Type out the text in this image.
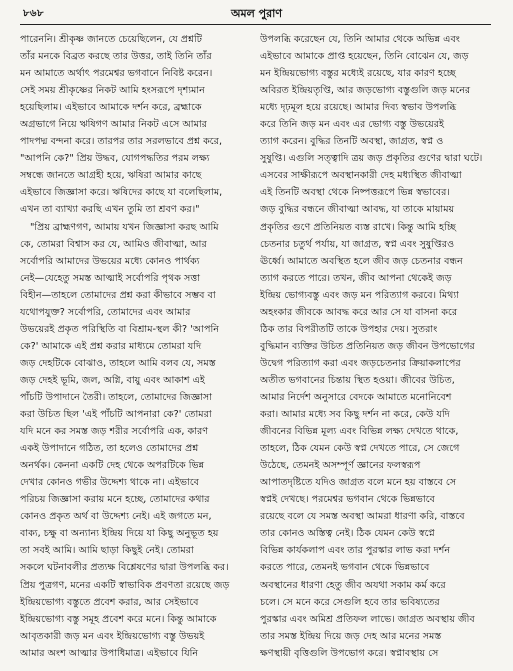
৮৬৮	অমল পুরাণ
পারেননি। শ্রীকৃষ্ণ জানতে চেয়েছিলেন, যে প্রশ্নটি
তাঁর মনকে বিব্রত করছে তার উত্তর, তাই তিনি তাঁর
মন আমাতে অর্থাৎ পরমেশ্বর ভগবানে নিবিষ্ট করেন।
সেই সময় শ্রীকৃষ্ণের নিকট আমি হংসরূপে দৃশ্যমান
হয়েছিলাম। এইভাবে আমাকে দর্শন করে, ব্রহ্মাকে
অগ্রভাগে নিয়ে ঋষিগণ আমার নিকট এসে আমার
পাদপদ্ম বন্দনা করে। তারপর তার সরলভাবে প্রশ্ন করে,
"আপনি কে?" প্রিয় উদ্ধব, যোগপদ্ধতির পরম লক্ষ্য
সম্বন্ধে জানতে আগ্রহী হয়ে, ঋষিরা আমার কাছে
এইভাবে জিজ্ঞাসা করে। ঋষিদের কাছে যা বলেছিলাম,
এখন তা ব্যাখ্যা করছি এখন তুমি তা শ্রবণ কর।"
"প্রিয় ব্রাহ্মণগণ, আমায় যখন জিজ্ঞাসা করছ আমি
কে, তোমরা বিশ্বাস কর যে, আমিও জীবাত্মা, আর
সর্বোপরি আমাদের উভয়ের মধ্যে কোনও পার্থক্য
নেই—যেহেতু সমস্ত আত্মাই সর্বোপরি পৃথক সত্তা
বিহীন—তাহলে তোমাদের প্রশ্ন করা কীভাবে সম্ভব বা
যথোপযুক্ত? সর্বোপরি, তোমাদের এবং আমার
উভয়েরই প্রকৃত পরিস্থিতি বা বিশ্রাম-স্থল কী? 'আপনি
কে?' আমাকে এই প্রশ্ন করার মাধ্যমে তোমরা যদি
জড় দেহটিকে বোঝাও, তাহলে আমি বলব যে, সমস্ত
জড় দেহই ভূমি, জল, অগ্নি, বায়ু এবং আকাশ এই
পাঁচটি উপাদানে তৈরী। তাহলে, তোমাদের জিজ্ঞাসা
করা উচিত ছিল 'এই পাঁচটি আপনারা কে?' তোমরা
যদি মনে কর সমস্ত জড় শরীর সর্বোপরি এক, কারণ
একই উপাদানে গঠিত, তা হলেও তোমাদের প্রশ্ন
অনর্থক। কেননা একটি দেহ থেকে অপরটিকে ভিন্ন
দেখার কোনও গভীর উদ্দেশ্য থাকে না। এইভাবে
পরিচয় জিজ্ঞাসা করায় মনে হচ্ছে, তোমাদের কথার
কোনও প্রকৃত অর্থ বা উদ্দেশ্য নেই। এই জগতে মন,
বাক্য, চক্ষু বা অন্যান্য ইন্দ্রিয় দিয়ে যা কিছু অনুভূত হয়
তা সবই আমি। আমি ছাড়া কিছুই নেই। তোমরা
সকলে ঘটনাবলীর প্রত্যক্ষ বিশ্লেষণের দ্বারা উপলব্ধি কর।
প্রিয় পুত্রগণ, মনের একটি স্বাভাবিক প্রবণতা রয়েছে জড়
ইন্দ্রিয়ভোগ্য বস্তুতে প্রবেশ করার, আর সেইভাবে
ইন্দ্রিয়ভোগ্য বস্তু সমূহ প্রবেশ করে মনে। কিন্তু আমাকে
আবৃতকারী জড় মন এবং ইন্দ্রিয়ভোগ্য বস্তু উভয়ই
আমার অংশ আত্মার উপাধিমাত্র। এইভাবে যিনি
উপলব্ধি করেছেন যে, তিনি আমার থেকে অভিন্ন এবং
এইভাবে আমাকে প্রাপ্ত হয়েছেন, তিনি বোঝেন যে, জড়
মন ইন্দ্রিয়ভোগ্য বস্তুর মধ্যেই রয়েছে, যার কারণ হচ্ছে
অবিরত ইন্দ্রিয়তৃপ্তি, আর জড়ভোগ্য বস্তুগুলি জড় মনের
মধ্যে দৃঢ়মূল হয়ে রয়েছে। আমার দিব্য স্বভাব উপলব্ধি
করে তিনি জড় মন এবং এর ভোগ্য বস্তু উভয়েরই
ত্যাগ করেন। বুদ্ধির তিনটি অবস্থা, জাগ্রত, স্বপ্ন ও
সুষুপ্তি। এগুলি সত্ত্বাদি ত্রয় জড় প্রকৃতির গুণের দ্বারা ঘটে।
এসবের সাক্ষীরূপে অবস্থানকারী দেহ মধ্যস্থিত জীবাত্মা
এই তিনটি অবস্থা থেকে নিষ্পত্তরূপে ভিন্ন স্বভাবের।
জড় বুদ্ধির বন্ধনে জীবাত্মা আবদ্ধ, যা তাকে মায়াময়
প্রকৃতির গুণে প্রতিনিয়ত ব্যস্ত রাখে। কিন্তু আমি হচ্ছি
চেতনার চতুর্থ পর্যায়, যা জাগ্রত, স্বপ্ন এবং সুষুপ্তিরও
ঊর্ধ্বে। আমাতে অবস্থিত হলে জীব জড় চেতনার বন্ধন
ত্যাগ করতে পারে। তখন, জীব আপনা থেকেই জড়
ইন্দ্রিয় ভোগ্যবস্তু এবং জড় মন পরিত্যাগ করবে। মিথ্যা
অহংকার জীবকে আবদ্ধ করে আর সে যা বাসনা করে
ঠিক তার বিপরীতটি তাকে উপহার দেয়। সুতরাং
বুদ্ধিমান ব্যক্তির উচিত প্রতিনিয়ত জড় জীবন উপভোগের
উদ্বেগ পরিত্যাগ করা এবং জড়চেতনার ক্রিয়াকলাপের
অতীত ভগবানের চিন্তায় স্থিত হওয়া। জীবের উচিত,
আমার নির্দেশ অনুসারে বেদকে আমাতে মনোনিবেশ
করা। আমার মধ্যে সব কিছু দর্শন না করে, কেউ যদি
জীবনের বিভিন্ন মূল্য এবং বিভিন্ন লক্ষ্য দেখতে থাকে,
তাহলে, ঠিক যেমন কেউ স্বপ্ন দেখতে পারে, সে জেগে
উঠেছে, তেমনই অসম্পূর্ণ জ্ঞানের ফলস্বরূপ
আপাতদৃষ্টিতে যদিও জাগ্রত বলে মনে হয় বাস্তবে সে
স্বপ্নই দেখছে। পরমেশ্বর ভগবান থেকে ভিন্নভাবে
রয়েছে বলে যে সমস্ত অবস্থা আমরা ধারণা করি, বাস্তবে
তার কোনও অস্তিত্ব নেই। ঠিক যেমন কেউ স্বপ্নে
বিভিন্ন কার্যকলাপ এবং তার পুরস্কার লাভ করা দর্শন
করতে পারে, তেমনই ভগবান থেকে ভিন্নভাবে
অবস্থানের ধারণা হেতু জীব অযথা সকাম কর্ম করে
চলে। সে মনে করে সেগুলি হবে তার ভবিষ্যতের
পুরস্কার এবং অমিশ্র প্রতিফল লাভে। জাগ্রত অবস্থায় জীব
তার সমস্ত ইন্দ্রিয় দিয়ে জড় দেহ আর মনের সমস্ত
ক্ষণস্থায়ী বৃত্তিগুলি উপভোগ করে। স্বপ্নাবস্থায় সে
